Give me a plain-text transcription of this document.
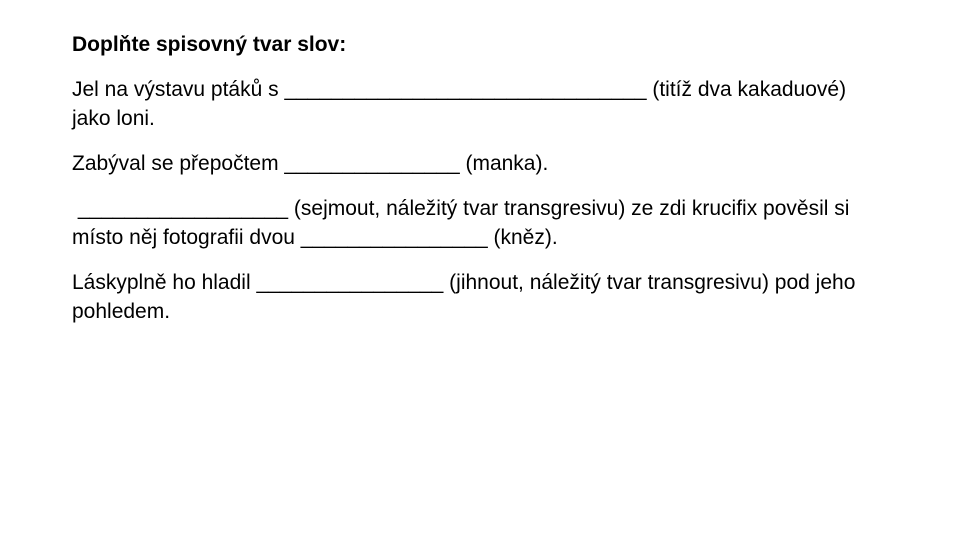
Doplňte spisovný tvar slov:
Jel na výstavu ptáků s _______________________________ (titíž dva kakaduové) jako loni.
Zabýval se přepočtem _______________ (manka).
__________________ (sejmout, náležitý tvar transgresivu) ze zdi krucifix pověsil si místo něj fotografii dvou ________________ (kněz).
Láskyplně ho hladil ________________ (jihnout, náležitý tvar transgresivu) pod jeho pohledem.
